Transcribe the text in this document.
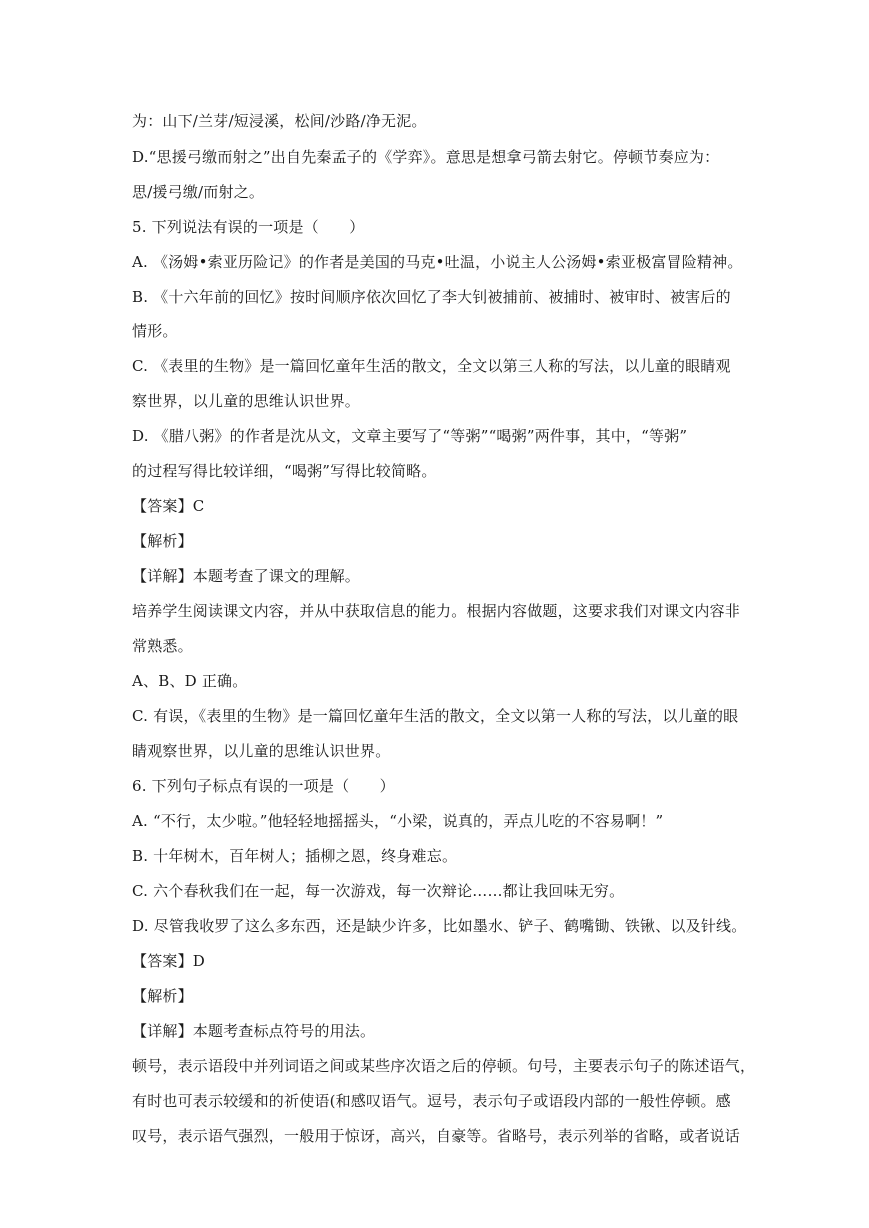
为：山下/兰芽/短浸溪，松间/沙路/净无泥。
D.“思援弓缴而射之”出自先秦孟子的《学弈》。意思是想拿弓箭去射它。停顿节奏应为：
思/援弓缴/而射之。
5. 下列说法有误的一项是（　　）
A. 《汤姆•索亚历险记》的作者是美国的马克•吐温，小说主人公汤姆•索亚极富冒险精神。
B. 《十六年前的回忆》按时间顺序依次回忆了李大钊被捕前、被捕时、被审时、被害后的
情形。
C. 《表里的生物》是一篇回忆童年生活的散文，全文以第三人称的写法，以儿童的眼睛观
察世界，以儿童的思维认识世界。
D. 《腊八粥》的作者是沈从文，文章主要写了“等粥”“喝粥”两件事，其中，“等粥”
的过程写得比较详细，“喝粥”写得比较简略。
【答案】C
【解析】
【详解】本题考查了课文的理解。
培养学生阅读课文内容，并从中获取信息的能力。根据内容做题，这要求我们对课文内容非
常熟悉。
A、B、D 正确。
C. 有误，《表里的生物》是一篇回忆童年生活的散文，全文以第一人称的写法，以儿童的眼
睛观察世界，以儿童的思维认识世界。
6. 下列句子标点有误的一项是（　　）
A. “不行，太少啦。”他轻轻地摇摇头，“小梁，说真的，弄点儿吃的不容易啊！”
B. 十年树木，百年树人；插柳之恩，终身难忘。
C. 六个春秋我们在一起，每一次游戏，每一次辩论……都让我回味无穷。
D. 尽管我收罗了这么多东西，还是缺少许多，比如墨水、铲子、鹤嘴锄、铁锹、以及针线。
【答案】D
【解析】
【详解】本题考查标点符号的用法。
顿号，表示语段中并列词语之间或某些序次语之后的停顿。句号，主要表示句子的陈述语气，
有时也可表示较缓和的祈使语(和感叹语气。逗号，表示句子或语段内部的一般性停顿。感
叹号，表示语气强烈，一般用于惊讶，高兴，自豪等。省略号，表示列举的省略，或者说话
